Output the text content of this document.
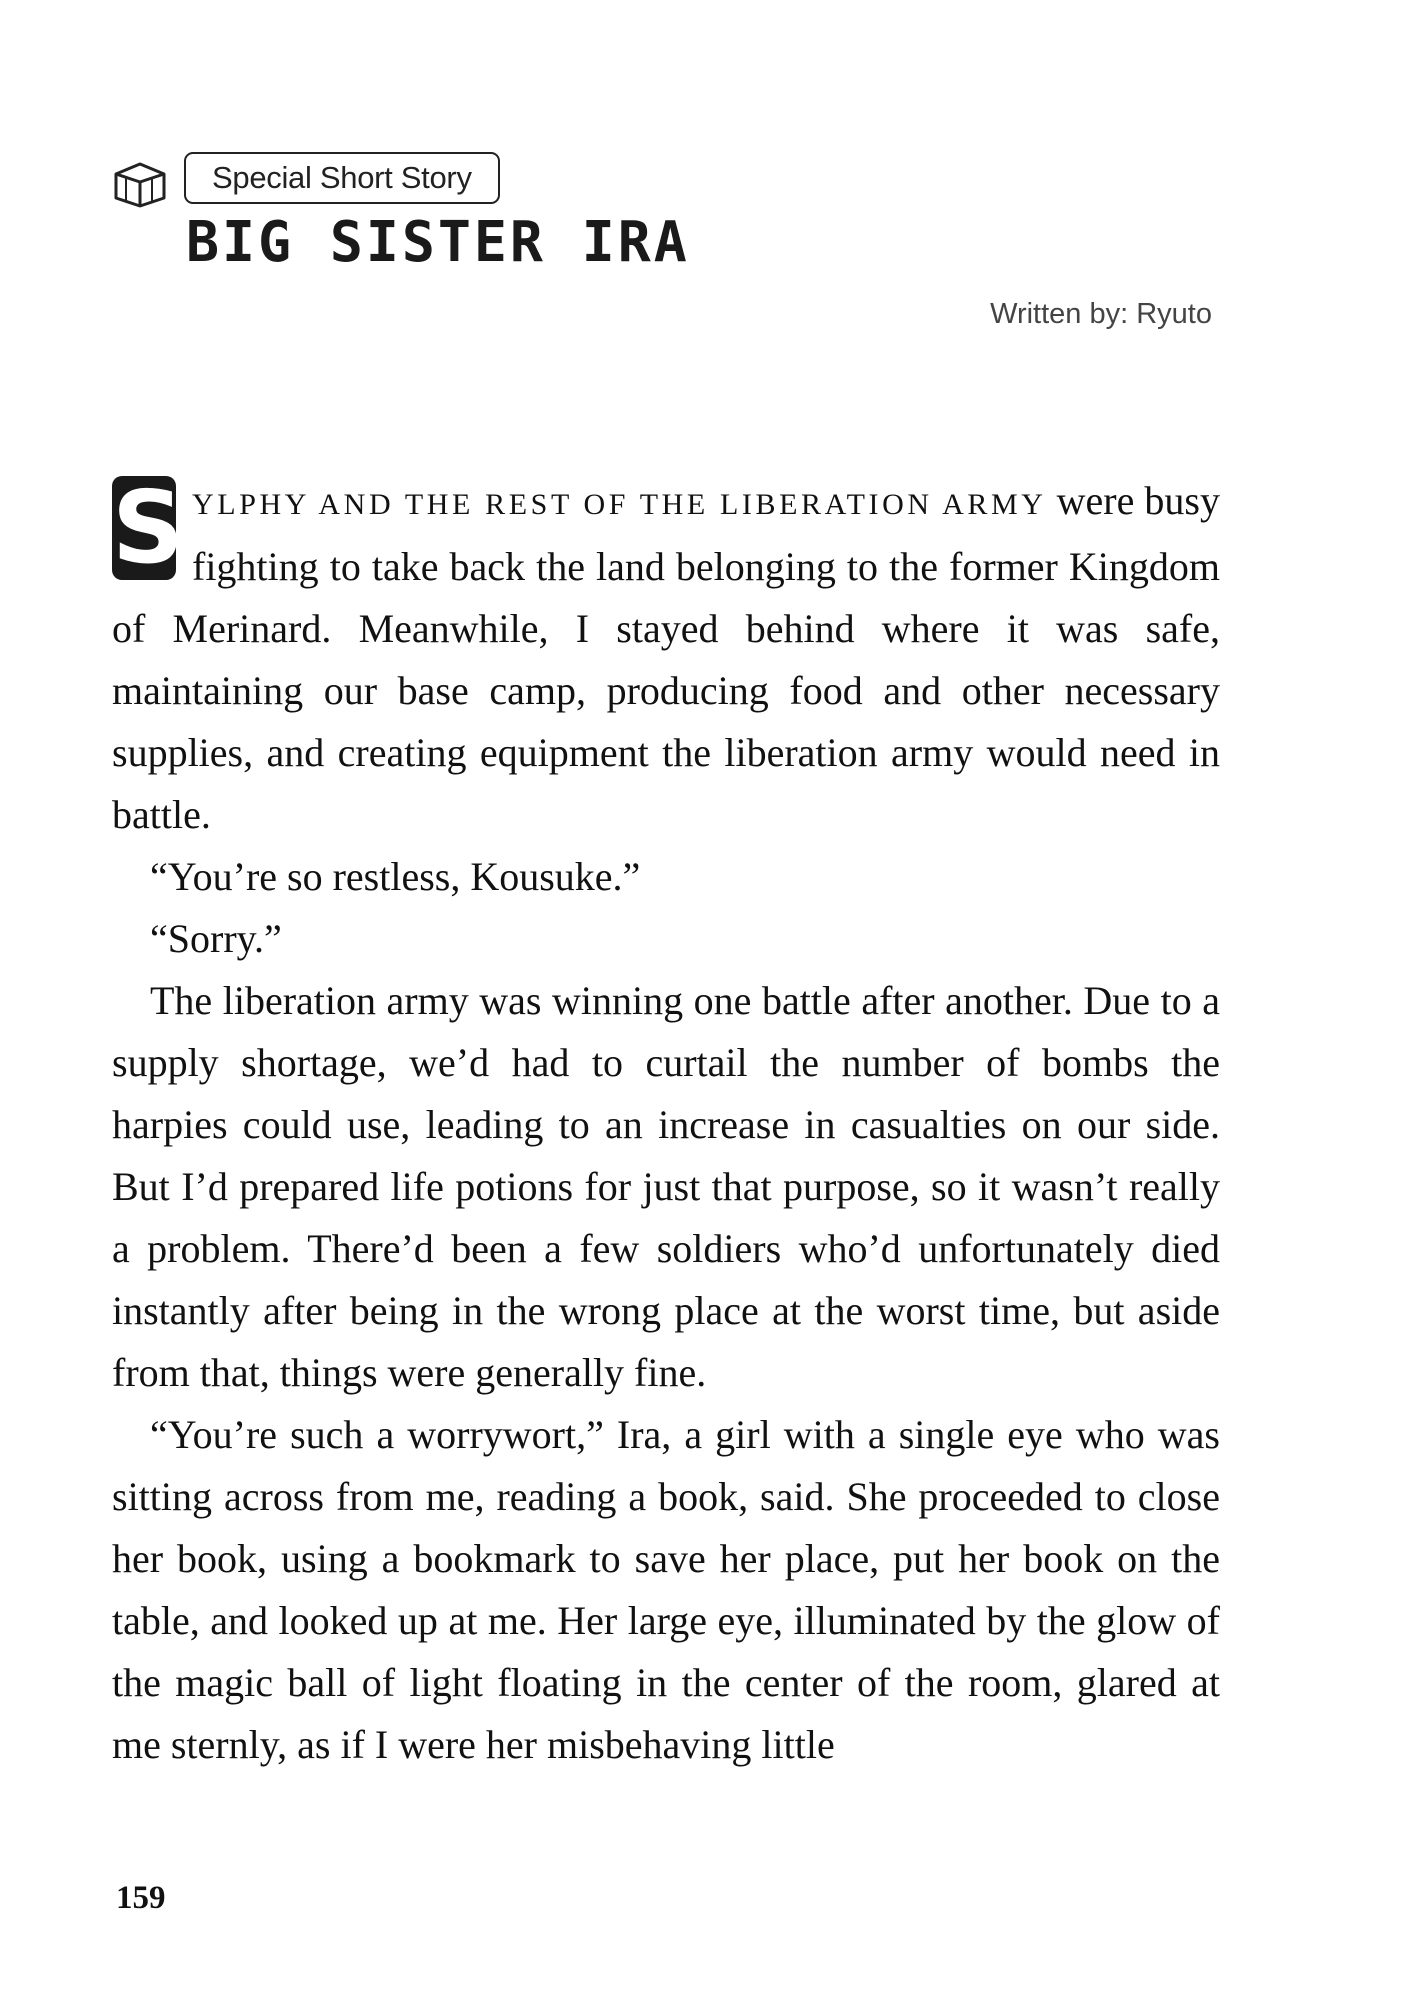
Special Short Story
BIG SISTER IRA
Written by: Ryuto

S YLPHY AND THE REST OF THE LIBERATION ARMY were busy fighting to take back the land belonging to the former Kingdom of Merinard. Meanwhile, I stayed behind where it was safe, maintaining our base camp, producing food and other necessary supplies, and creating equipment the liberation army would need in battle.

“You’re so restless, Kousuke.”

“Sorry.”

The liberation army was winning one battle after another. Due to a supply shortage, we’d had to curtail the number of bombs the harpies could use, leading to an increase in casualties on our side. But I’d prepared life potions for just that purpose, so it wasn’t really a problem. There’d been a few soldiers who’d unfortunately died instantly after being in the wrong place at the worst time, but aside from that, things were generally fine.

“You’re such a worrywort,” Ira, a girl with a single eye who was sitting across from me, reading a book, said. She proceeded to close her book, using a bookmark to save her place, put her book on the table, and looked up at me. Her large eye, illuminated by the glow of the magic ball of light floating in the center of the room, glared at me sternly, as if I were her misbehaving little

159
